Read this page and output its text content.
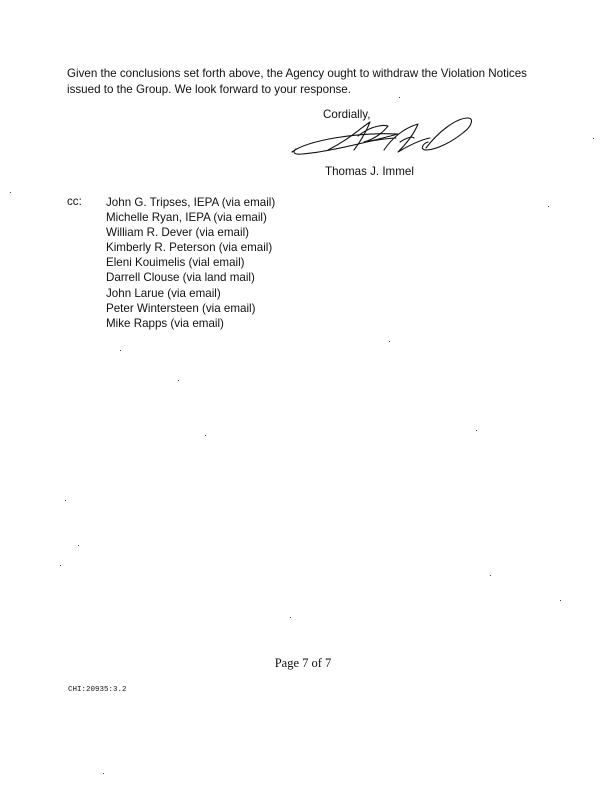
Given the conclusions set forth above, the Agency ought to withdraw the Violation Notices
issued to the Group. We look forward to your response.

Cordially,
Thomas J. Immel
cc: John G. Tripses, IEPA (via email)
Michelle Ryan, IEPA (via email)
William R. Dever (via email)
Kimberly R. Peterson (via email)
Eleni Kouimelis (vial email)
Darrell Clouse (via land mail)
John Larue (via email)
Peter Wintersteen (via email)
Mike Rapps (via email)
Page 7 of 7
CHI:20935:3.2
